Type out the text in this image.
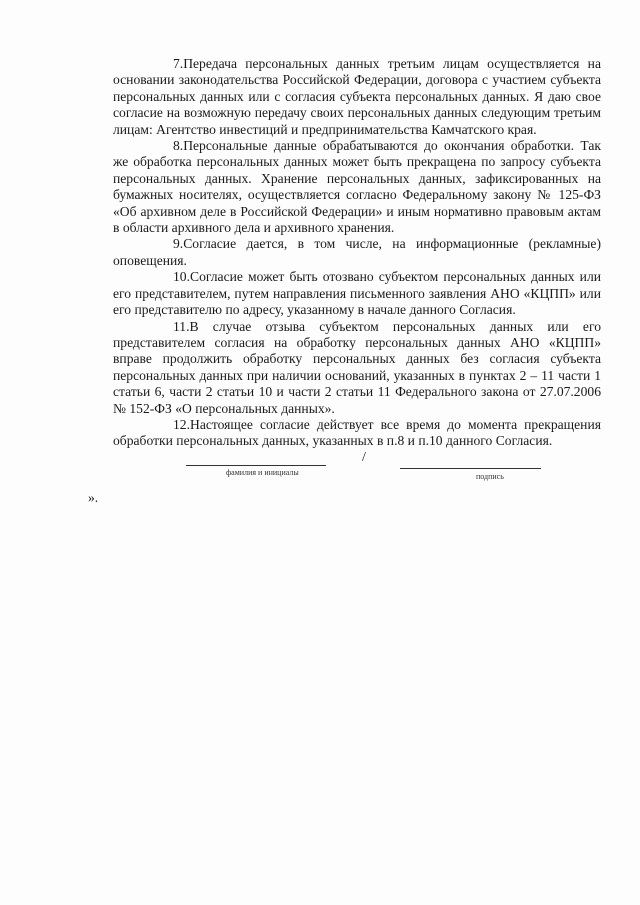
7.Передача персональных данных третьим лицам осуществляется на основании законодательства Российской Федерации, договора с участием субъекта персональных данных или с согласия субъекта персональных данных. Я даю свое согласие на возможную передачу своих персональных данных следующим третьим лицам: Агентство инвестиций и предпринимательства Камчатского края.

8.Персональные данные обрабатываются до окончания обработки. Так же обработка персональных данных может быть прекращена по запросу субъекта персональных данных. Хранение персональных данных, зафиксированных на бумажных носителях, осуществляется согласно Федеральному закону № 125-ФЗ «Об архивном деле в Российской Федерации» и иным нормативно правовым актам в области архивного дела и архивного хранения.

9.Согласие дается, в том числе, на информационные (рекламные) оповещения.

10.Согласие может быть отозвано субъектом персональных данных или его представителем, путем направления письменного заявления АНО «КЦПП» или его представителю по адресу, указанному в начале данного Согласия.

11.В случае отзыва субъектом персональных данных или его представителем согласия на обработку персональных данных АНО «КЦПП» вправе продолжить обработку персональных данных без согласия субъекта персональных данных при наличии оснований, указанных в пунктах 2 – 11 части 1 статьи 6, части 2 статьи 10 и части 2 статьи 11 Федерального закона от 27.07.2006 № 152-ФЗ «О персональных данных».

12.Настоящее согласие действует все время до момента прекращения обработки персональных данных, указанных в п.8 и п.10 данного Согласия.

фамилия и инициалы
/
подпись
».
